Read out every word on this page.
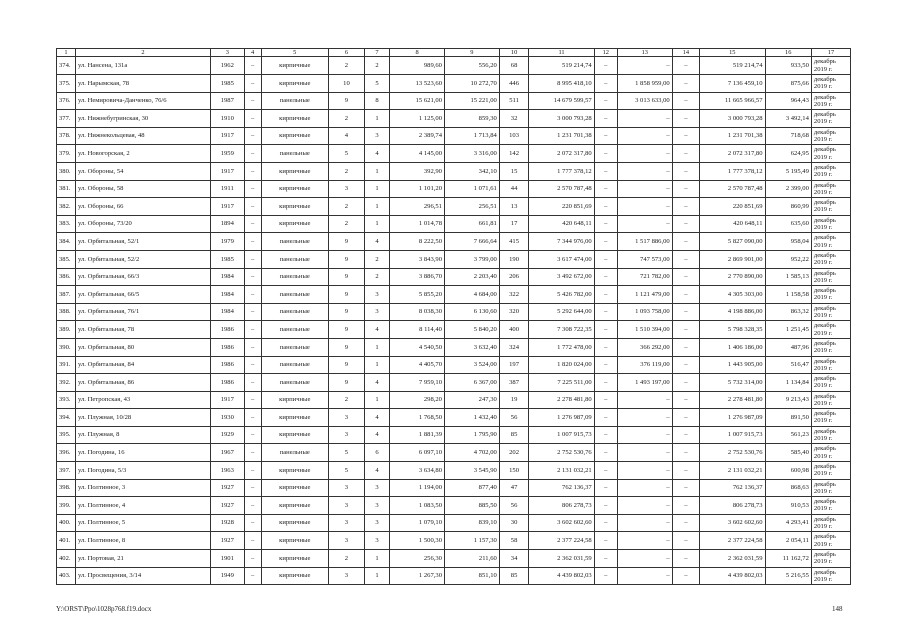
1	2	3	4	5	6	7	8	9	10	11	12	13	14	15	16	17
374.	ул. Нансена, 131а	1962	–	кирпичные	2	2	989,60	556,20	68	519 214,74	–	–	–	519 214,74	933,50	декабрь 2019 г.
375.	ул. Нарымская, 78	1985	–	кирпичные	10	5	13 523,60	10 272,70	446	8 995 418,10	–	1 858 959,00	–	7 136 459,10	875,66	декабрь 2019 г.
376.	ул. Немировича-Данченко, 76/6	1987	–	панельные	9	8	15 621,00	15 221,00	511	14 679 599,57	–	3 013 633,00	–	11 665 966,57	964,43	декабрь 2019 г.
377.	ул. Нижнебугринская, 30	1910	–	кирпичные	2	1	1 125,00	859,30	32	3 000 793,28	–	–	–	3 000 793,28	3 492,14	декабрь 2019 г.
378.	ул. Нижнекольцевая, 48	1917	–	кирпичные	4	3	2 389,74	1 713,84	103	1 231 701,38	–	–	–	1 231 701,38	718,68	декабрь 2019 г.
379.	ул. Новогорская, 2	1959	–	панельные	5	4	4 145,00	3 316,00	142	2 072 317,80	–	–	–	2 072 317,80	624,95	декабрь 2019 г.
380.	ул. Обороны, 54	1917	–	кирпичные	2	1	392,90	342,10	15	1 777 378,12	–	–	–	1 777 378,12	5 195,49	декабрь 2019 г.
381.	ул. Обороны, 58	1911	–	кирпичные	3	1	1 101,20	1 071,61	44	2 570 787,48	–	–	–	2 570 787,48	2 399,00	декабрь 2019 г.
382.	ул. Обороны, 66	1917	–	кирпичные	2	1	296,51	256,51	13	220 851,69	–	–	–	220 851,69	860,99	декабрь 2019 г.
383.	ул. Обороны, 73/20	1894	–	кирпичные	2	1	1 014,78	661,81	17	420 648,11	–	–	–	420 648,11	635,60	декабрь 2019 г.
384.	ул. Орбитальная, 52/1	1979	–	панельные	9	4	8 222,50	7 666,64	415	7 344 976,00	–	1 517 886,00	–	5 827 090,00	958,04	декабрь 2019 г.
385.	ул. Орбитальная, 52/2	1985	–	панельные	9	2	3 843,90	3 799,00	190	3 617 474,00	–	747 573,00	–	2 869 901,00	952,22	декабрь 2019 г.
386.	ул. Орбитальная, 66/3	1984	–	панельные	9	2	3 886,70	2 203,40	206	3 492 672,00	–	721 782,00	–	2 770 890,00	1 585,13	декабрь 2019 г.
387.	ул. Орбитальная, 66/5	1984	–	панельные	9	3	5 855,20	4 684,00	322	5 426 782,00	–	1 121 479,00	–	4 305 303,00	1 158,58	декабрь 2019 г.
388.	ул. Орбитальная, 76/1	1984	–	панельные	9	3	8 038,30	6 130,60	320	5 292 644,00	–	1 093 758,00	–	4 198 886,00	863,32	декабрь 2019 г.
389.	ул. Орбитальная, 78	1986	–	панельные	9	4	8 114,40	5 840,20	400	7 308 722,35	–	1 510 394,00	–	5 798 328,35	1 251,45	декабрь 2019 г.
390.	ул. Орбитальная, 80	1986	–	панельные	9	1	4 540,50	3 632,40	324	1 772 478,00	–	366 292,00	–	1 406 186,00	487,96	декабрь 2019 г.
391.	ул. Орбитальная, 84	1986	–	панельные	9	1	4 405,70	3 524,00	197	1 820 024,00	–	376 119,00	–	1 443 905,00	516,47	декабрь 2019 г.
392.	ул. Орбитальная, 86	1986	–	панельные	9	4	7 959,10	6 367,00	387	7 225 511,00	–	1 493 197,00	–	5 732 314,00	1 134,84	декабрь 2019 г.
393.	ул. Петропская, 43	1917	–	кирпичные	2	1	298,20	247,30	19	2 278 481,80	–	–	–	2 278 481,80	9 213,43	декабрь 2019 г.
394.	ул. Плужная, 10/28	1930	–	кирпичные	3	4	1 768,50	1 432,40	56	1 276 987,09	–	–	–	1 276 987,09	891,50	декабрь 2019 г.
395.	ул. Плужная, 8	1929	–	кирпичные	3	4	1 881,39	1 795,90	85	1 007 915,73	–	–	–	1 007 915,73	561,23	декабрь 2019 г.
396.	ул. Погодина, 16	1967	–	панельные	5	6	6 097,10	4 702,00	202	2 752 530,76	–	–	–	2 752 530,76	585,40	декабрь 2019 г.
397.	ул. Погодина, 5/3	1963	–	кирпичные	5	4	3 634,80	3 545,90	150	2 131 032,21	–	–	–	2 131 032,21	600,98	декабрь 2019 г.
398.	ул. Полтинное, 3	1927	–	кирпичные	3	3	1 194,00	877,40	47	762 136,37	–	–	–	762 136,37	868,63	декабрь 2019 г.
399.	ул. Полтинное, 4	1927	–	кирпичные	3	3	1 083,50	885,50	56	806 278,73	–	–	–	806 278,73	910,53	декабрь 2019 г.
400.	ул. Полтинное, 5	1928	–	кирпичные	3	3	1 079,10	839,10	30	3 602 602,60	–	–	–	3 602 602,60	4 293,41	декабрь 2019 г.
401.	ул. Полтинное, 8	1927	–	кирпичные	3	3	1 500,30	1 157,30	58	2 377 224,58	–	–	–	2 377 224,58	2 054,11	декабрь 2019 г.
402.	ул. Портовая, 21	1901	–	кирпичные	2	1	256,30	211,60	34	2 362 031,59	–	–	–	2 362 031,59	11 162,72	декабрь 2019 г.
403.	ул. Просвещения, 3/14	1949	–	кирпичные	3	1	1 267,30	851,10	85	4 439 802,03	–	–	–	4 439 802,03	5 216,55	декабрь 2019 г.
Y:\ORST\Ppo\1028p768.f19.docx	148
